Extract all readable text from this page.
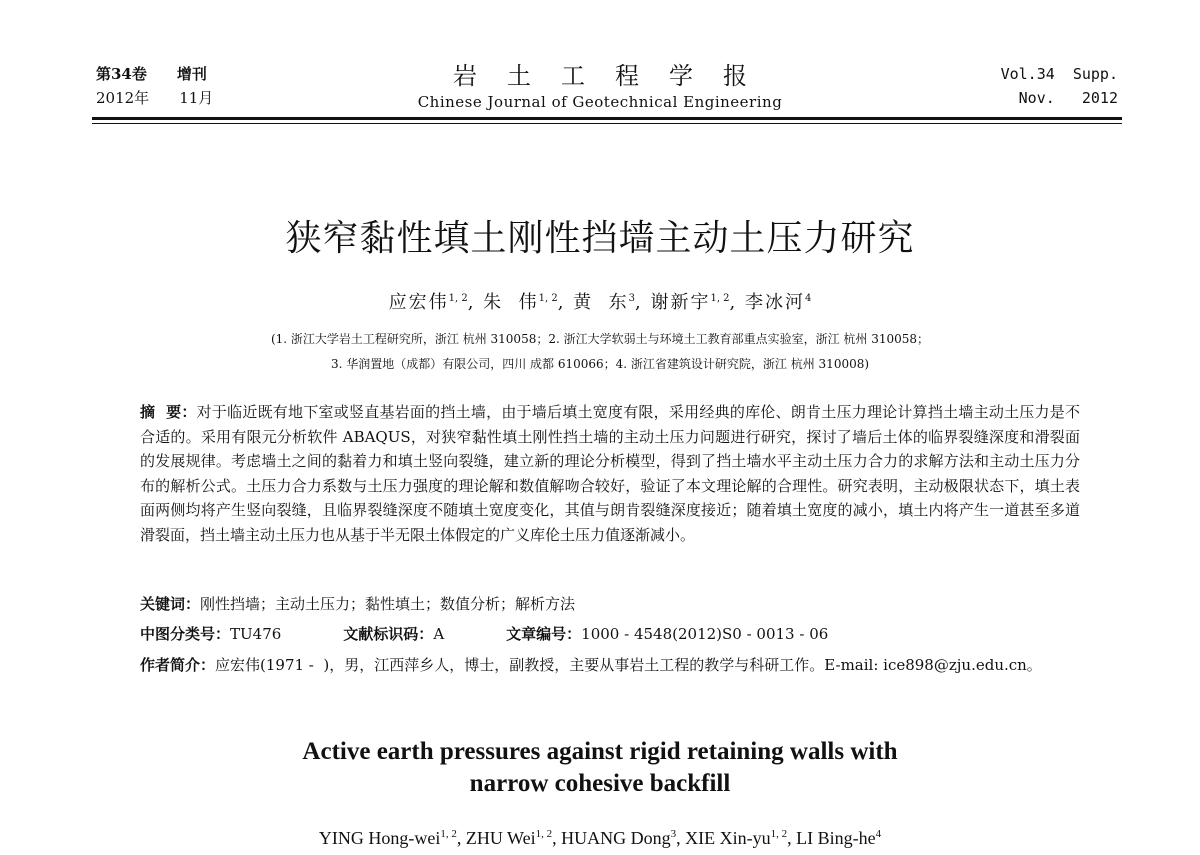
第34卷 增刊
2012年 11月
岩土工程学报
Chinese Journal of Geotechnical Engineering
Vol.34  Supp.
Nov.   2012
狭窄黏性填土刚性挡墙主动土压力研究
应宏伟$^{1, 2}$, 朱  伟$^{1, 2}$, 黄  东$^3$, 谢新宇$^{1, 2}$, 李冰河$^4$
(1. 浙江大学岩土工程研究所，浙江 杭州 310058；2. 浙江大学软弱土与环境土工教育部重点实验室，浙江 杭州 310058；
3. 华润置地（成都）有限公司，四川 成都 610066；4. 浙江省建筑设计研究院，浙江 杭州 310008)
摘  要：对于临近既有地下室或竖直基岩面的挡土墙，由于墙后填土宽度有限，采用经典的库伦、朗肯土压力理论计算挡土墙主动土压力是不合适的。采用有限元分析软件 ABAQUS，对狭窄黏性填土刚性挡土墙的主动土压力问题进行研究，探讨了墙后土体的临界裂缝深度和滑裂面的发展规律。考虑墙土之间的黏着力和填土竖向裂缝，建立新的理论分析模型，得到了挡土墙水平主动土压力合力的求解方法和主动土压力分布的解析公式。土压力合力系数与土压力强度的理论解和数值解吻合较好，验证了本文理论解的合理性。研究表明，主动极限状态下，填土表面两侧均将产生竖向裂缝，且临界裂缝深度不随填土宽度变化，其值与朗肯裂缝深度接近；随着填土宽度的减小，填土内将产生一道甚至多道滑裂面，挡土墙主动土压力也从基于半无限土体假定的广义库伦土压力值逐渐减小。
关键词：刚性挡墙；主动土压力；黏性填土；数值分析；解析方法
中图分类号：TU476	文献标识码：A	文章编号：1000 - 4548(2012)S0 - 0013 - 06
作者简介：应宏伟(1971 -  )，男，江西萍乡人，博士，副教授，主要从事岩土工程的教学与科研工作。E-mail: ice898@zju.edu.cn。
Active earth pressures against rigid retaining walls with
narrow cohesive backfill
YING Hong-wei$^{1, 2}$, ZHU Wei$^{1, 2}$, HUANG Dong$^3$, XIE Xin-yu$^{1, 2}$, LI Bing-$he^4$
